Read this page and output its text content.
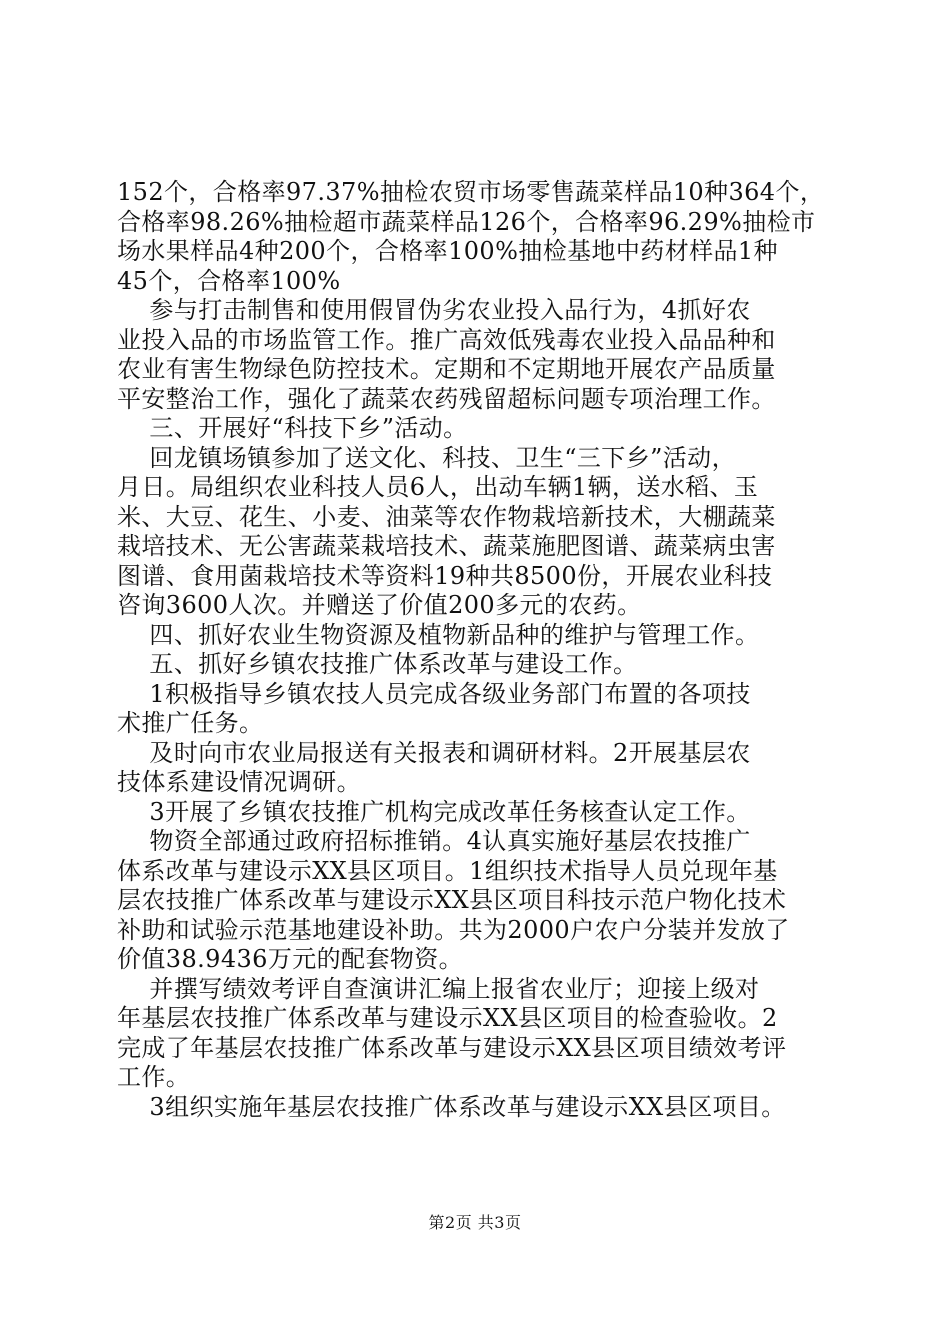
152个，合格率97.37%抽检农贸市场零售蔬菜样品10种364个，
合格率98.26%抽检超市蔬菜样品126个，合格率96.29%抽检市
场水果样品4种200个，合格率100%抽检基地中药材样品1种
45个，合格率100%
　 参与打击制售和使用假冒伪劣农业投入品行为，4抓好农
业投入品的市场监管工作。推广高效低残毒农业投入品品种和
农业有害生物绿色防控技术。定期和不定期地开展农产品质量
平安整治工作，强化了蔬菜农药残留超标问题专项治理工作。
　 三、开展好“科技下乡”活动。
　 回龙镇场镇参加了送文化、科技、卫生“三下乡”活动，
月日。局组织农业科技人员6人，出动车辆1辆，送水稻、玉
米、大豆、花生、小麦、油菜等农作物栽培新技术，大棚蔬菜
栽培技术、无公害蔬菜栽培技术、蔬菜施肥图谱、蔬菜病虫害
图谱、食用菌栽培技术等资料19种共8500份，开展农业科技
咨询3600人次。并赠送了价值200多元的农药。
　 四、抓好农业生物资源及植物新品种的维护与管理工作。
　 五、抓好乡镇农技推广体系改革与建设工作。
　 1积极指导乡镇农技人员完成各级业务部门布置的各项技
术推广任务。
　 及时向市农业局报送有关报表和调研材料。2开展基层农
技体系建设情况调研。
　 3开展了乡镇农技推广机构完成改革任务核查认定工作。
　 物资全部通过政府招标推销。4认真实施好基层农技推广
体系改革与建设示XX县区项目。1组织技术指导人员兑现年基
层农技推广体系改革与建设示XX县区项目科技示范户物化技术
补助和试验示范基地建设补助。共为2000户农户分装并发放了
价值38.9436万元的配套物资。
　 并撰写绩效考评自查演讲汇编上报省农业厅；迎接上级对
年基层农技推广体系改革与建设示XX县区项目的检查验收。2
完成了年基层农技推广体系改革与建设示XX县区项目绩效考评
工作。
　 3组织实施年基层农技推广体系改革与建设示XX县区项目。
第2页 共3页
